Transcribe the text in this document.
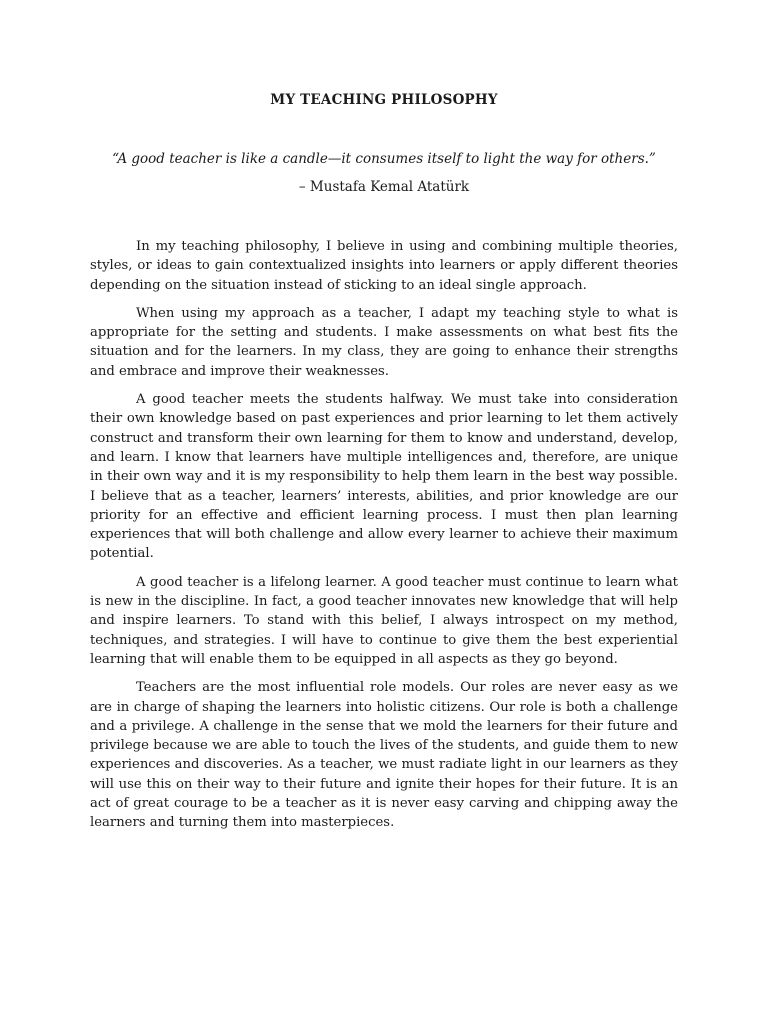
MY TEACHING PHILOSOPHY
“A good teacher is like a candle—it consumes itself to light the way for others.”
– Mustafa Kemal Atatürk

In my teaching philosophy, I believe in using and combining multiple theories, styles, or ideas to gain contextualized insights into learners or apply different theories depending on the situation instead of sticking to an ideal single approach.

When using my approach as a teacher, I adapt my teaching style to what is appropriate for the setting and students. I make assessments on what best fits the situation and for the learners. In my class, they are going to enhance their strengths and embrace and improve their weaknesses.

A good teacher meets the students halfway. We must take into consideration their own knowledge based on past experiences and prior learning to let them actively construct and transform their own learning for them to know and understand, develop, and learn. I know that learners have multiple intelligences and, therefore, are unique in their own way and it is my responsibility to help them learn in the best way possible. I believe that as a teacher, learners’ interests, abilities, and prior knowledge are our priority for an effective and efficient learning process. I must then plan learning experiences that will both challenge and allow every learner to achieve their maximum potential.

A good teacher is a lifelong learner. A good teacher must continue to learn what is new in the discipline. In fact, a good teacher innovates new knowledge that will help and inspire learners. To stand with this belief, I always introspect on my method, techniques, and strategies. I will have to continue to give them the best experiential learning that will enable them to be equipped in all aspects as they go beyond.

Teachers are the most influential role models. Our roles are never easy as we are in charge of shaping the learners into holistic citizens. Our role is both a challenge and a privilege. A challenge in the sense that we mold the learners for their future and privilege because we are able to touch the lives of the students, and guide them to new experiences and discoveries. As a teacher, we must radiate light in our learners as they will use this on their way to their future and ignite their hopes for their future. It is an act of great courage to be a teacher as it is never easy carving and chipping away the learners and turning them into masterpieces.
